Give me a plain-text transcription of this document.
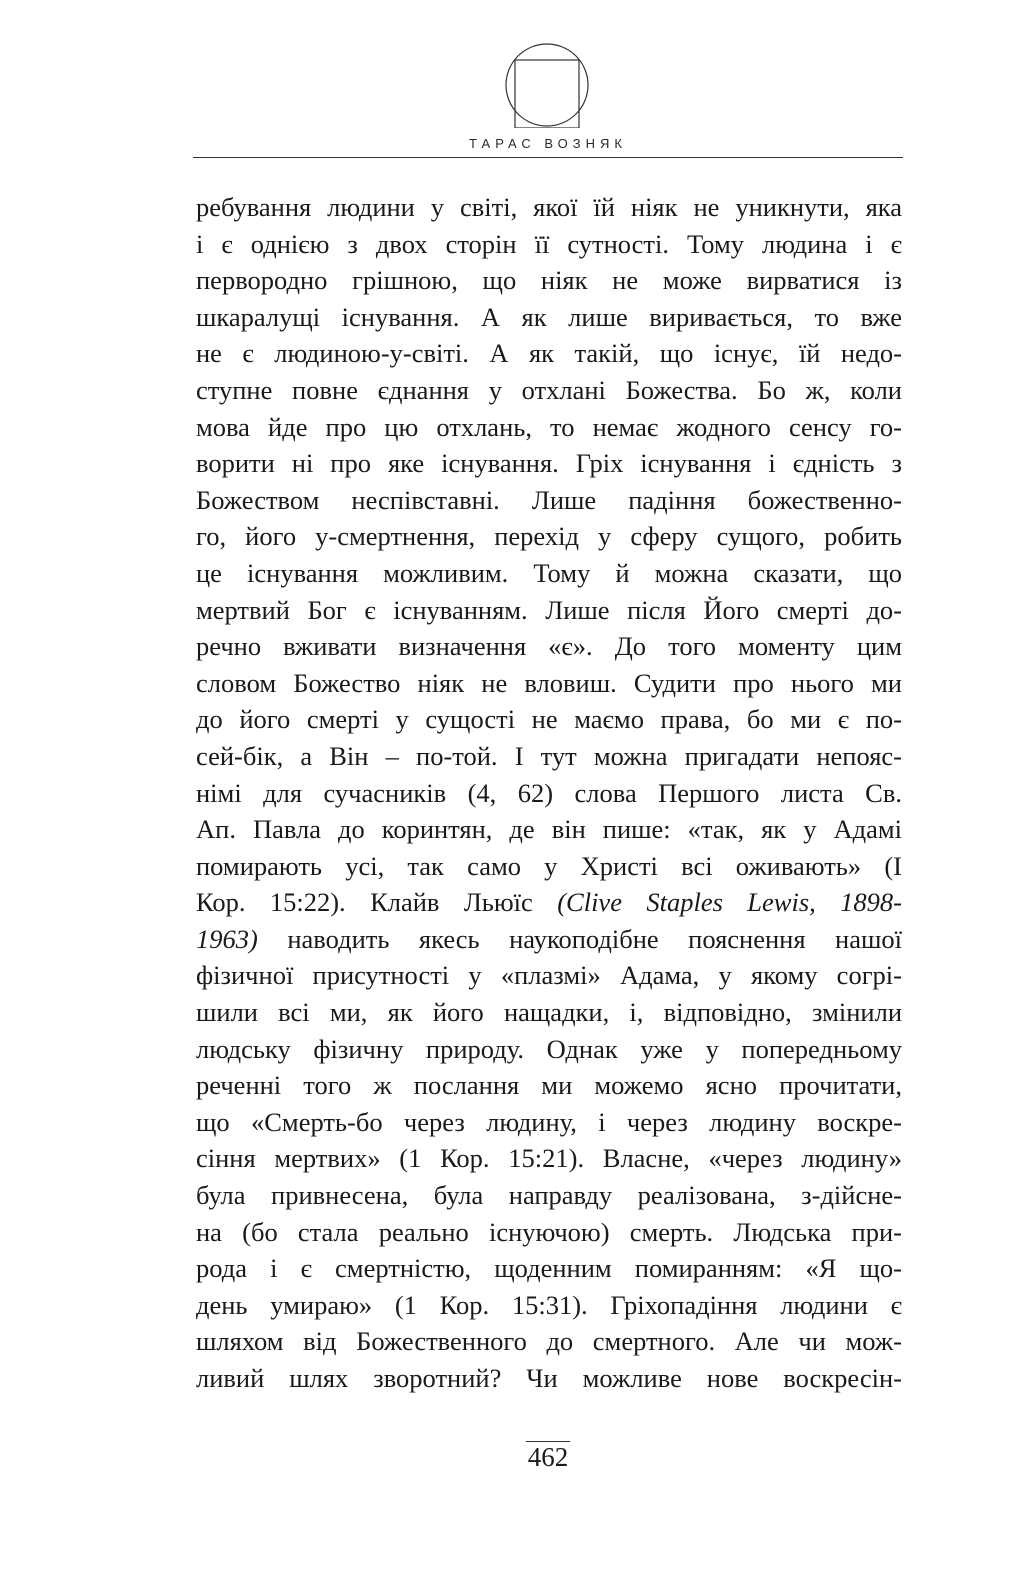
ТАРАС ВОЗНЯК
ребування людини у світі, якої їй ніяк не уникнути, яка
і є однією з двох сторін її сутності. Тому людина і є
первородно грішною, що ніяк не може вирватися із
шкаралущі існування. А як лише виривається, то вже
не є людиною-у-світі. А як такій, що існує, їй недо-
ступне повне єднання у отхлані Божества. Бо ж, коли
мова йде про цю отхлань, то немає жодного сенсу го-
ворити ні про яке існування. Гріх існування і єдність з
Божеством неспівставні. Лише падіння божественно-
го, його у-смертнення, перехід у сферу сущого, робить
це існування можливим. Тому й можна сказати, що
мертвий Бог є існуванням. Лише після Його смерті до-
речно вживати визначення «є». До того моменту цим
словом Божество ніяк не вловиш. Судити про нього ми
до його смерті у сущості не маємо права, бо ми є по-
сей-бік, а Він – по-той. І тут можна пригадати непояс-
німі для сучасників (4, 62) слова Першого листа Св.
Ап. Павла до коринтян, де він пише: «так, як у Адамі
помирають усі, так само у Христі всі оживають» (І
Кор. 15:22). Клайв Льюїс (Clive Staples Lewis, 1898-
1963) наводить якесь наукоподібне пояснення нашої
фізичної присутності у «плазмі» Адама, у якому согрі-
шили всі ми, як його нащадки, і, відповідно, змінили
людську фізичну природу. Однак уже у попередньому
реченні того ж послання ми можемо ясно прочитати,
що «Смерть-бо через людину, і через людину воскре-
сіння мертвих» (1 Кор. 15:21). Власне, «через людину»
була привнесена, була направду реалізована, з-дійсне-
на (бо стала реально існуючою) смерть. Людська при-
рода і є смертністю, щоденним помиранням: «Я що-
день умираю» (1 Кор. 15:31). Гріхопадіння людини є
шляхом від Божественного до смертного. Але чи мож-
ливий шлях зворотний? Чи можливе нове воскресін-
462
